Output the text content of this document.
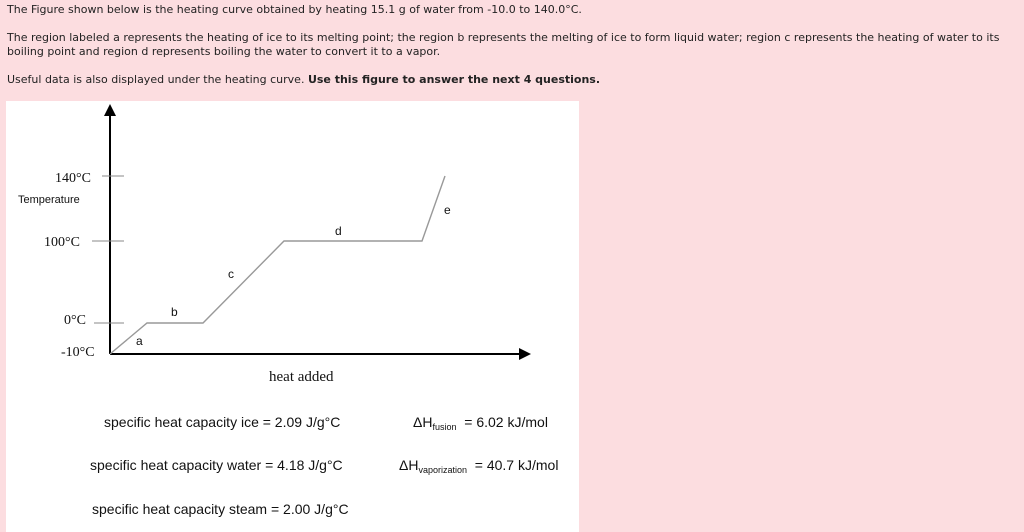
The Figure shown below is the heating curve obtained by heating 15.1 g of water from -10.0 to 140.0°C.

The region labeled a represents the heating of ice to its melting point; the region b represents the melting of ice to form liquid water; region c represents the heating of water to its boiling point and region d represents boiling the water to convert it to a vapor.

Useful data is also displayed under the heating curve. Use this figure to answer the next 4 questions.

140°C
100°C
0°C
-10°C
Temperature
heat added
a
b
c
d
e
specific heat capacity ice = 2.09 J/g°C
specific heat capacity water = 4.18 J/g°C
specific heat capacity steam = 2.00 J/g°C
$\Delta H_{fusion} = 6.02$ kJ/mol
$\Delta H_{vaporization} = 40.7$ kJ/mol
